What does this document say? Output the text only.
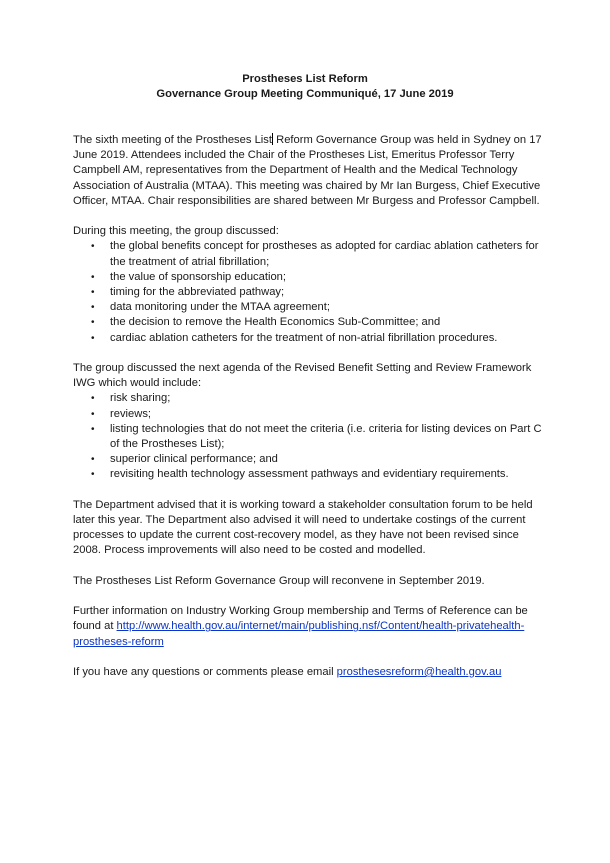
Prostheses List Reform
Governance Group Meeting Communiqué, 17 June 2019

The sixth meeting of the Prostheses List Reform Governance Group was held in Sydney on 17 June 2019. Attendees included the Chair of the Prostheses List, Emeritus Professor Terry Campbell AM, representatives from the Department of Health and the Medical Technology Association of Australia (MTAA). This meeting was chaired by Mr Ian Burgess, Chief Executive Officer, MTAA. Chair responsibilities are shared between Mr Burgess and Professor Campbell.

During this meeting, the group discussed:

• the global benefits concept for prostheses as adopted for cardiac ablation catheters for the treatment of atrial fibrillation;
• the value of sponsorship education;
• timing for the abbreviated pathway;
• data monitoring under the MTAA agreement;
• the decision to remove the Health Economics Sub-Committee; and
• cardiac ablation catheters for the treatment of non-atrial fibrillation procedures.

The group discussed the next agenda of the Revised Benefit Setting and Review Framework IWG which would include:

• risk sharing;
• reviews;
• listing technologies that do not meet the criteria (i.e. criteria for listing devices on Part C of the Prostheses List);
• superior clinical performance; and
• revisiting health technology assessment pathways and evidentiary requirements.

The Department advised that it is working toward a stakeholder consultation forum to be held later this year. The Department also advised it will need to undertake costings of the current processes to update the current cost-recovery model, as they have not been revised since 2008. Process improvements will also need to be costed and modelled.

The Prostheses List Reform Governance Group will reconvene in September 2019.

Further information on Industry Working Group membership and Terms of Reference can be found at http://www.health.gov.au/internet/main/publishing.nsf/Content/health-privatehealth-prostheses-reform

If you have any questions or comments please email prosthesesreform@health.gov.au
